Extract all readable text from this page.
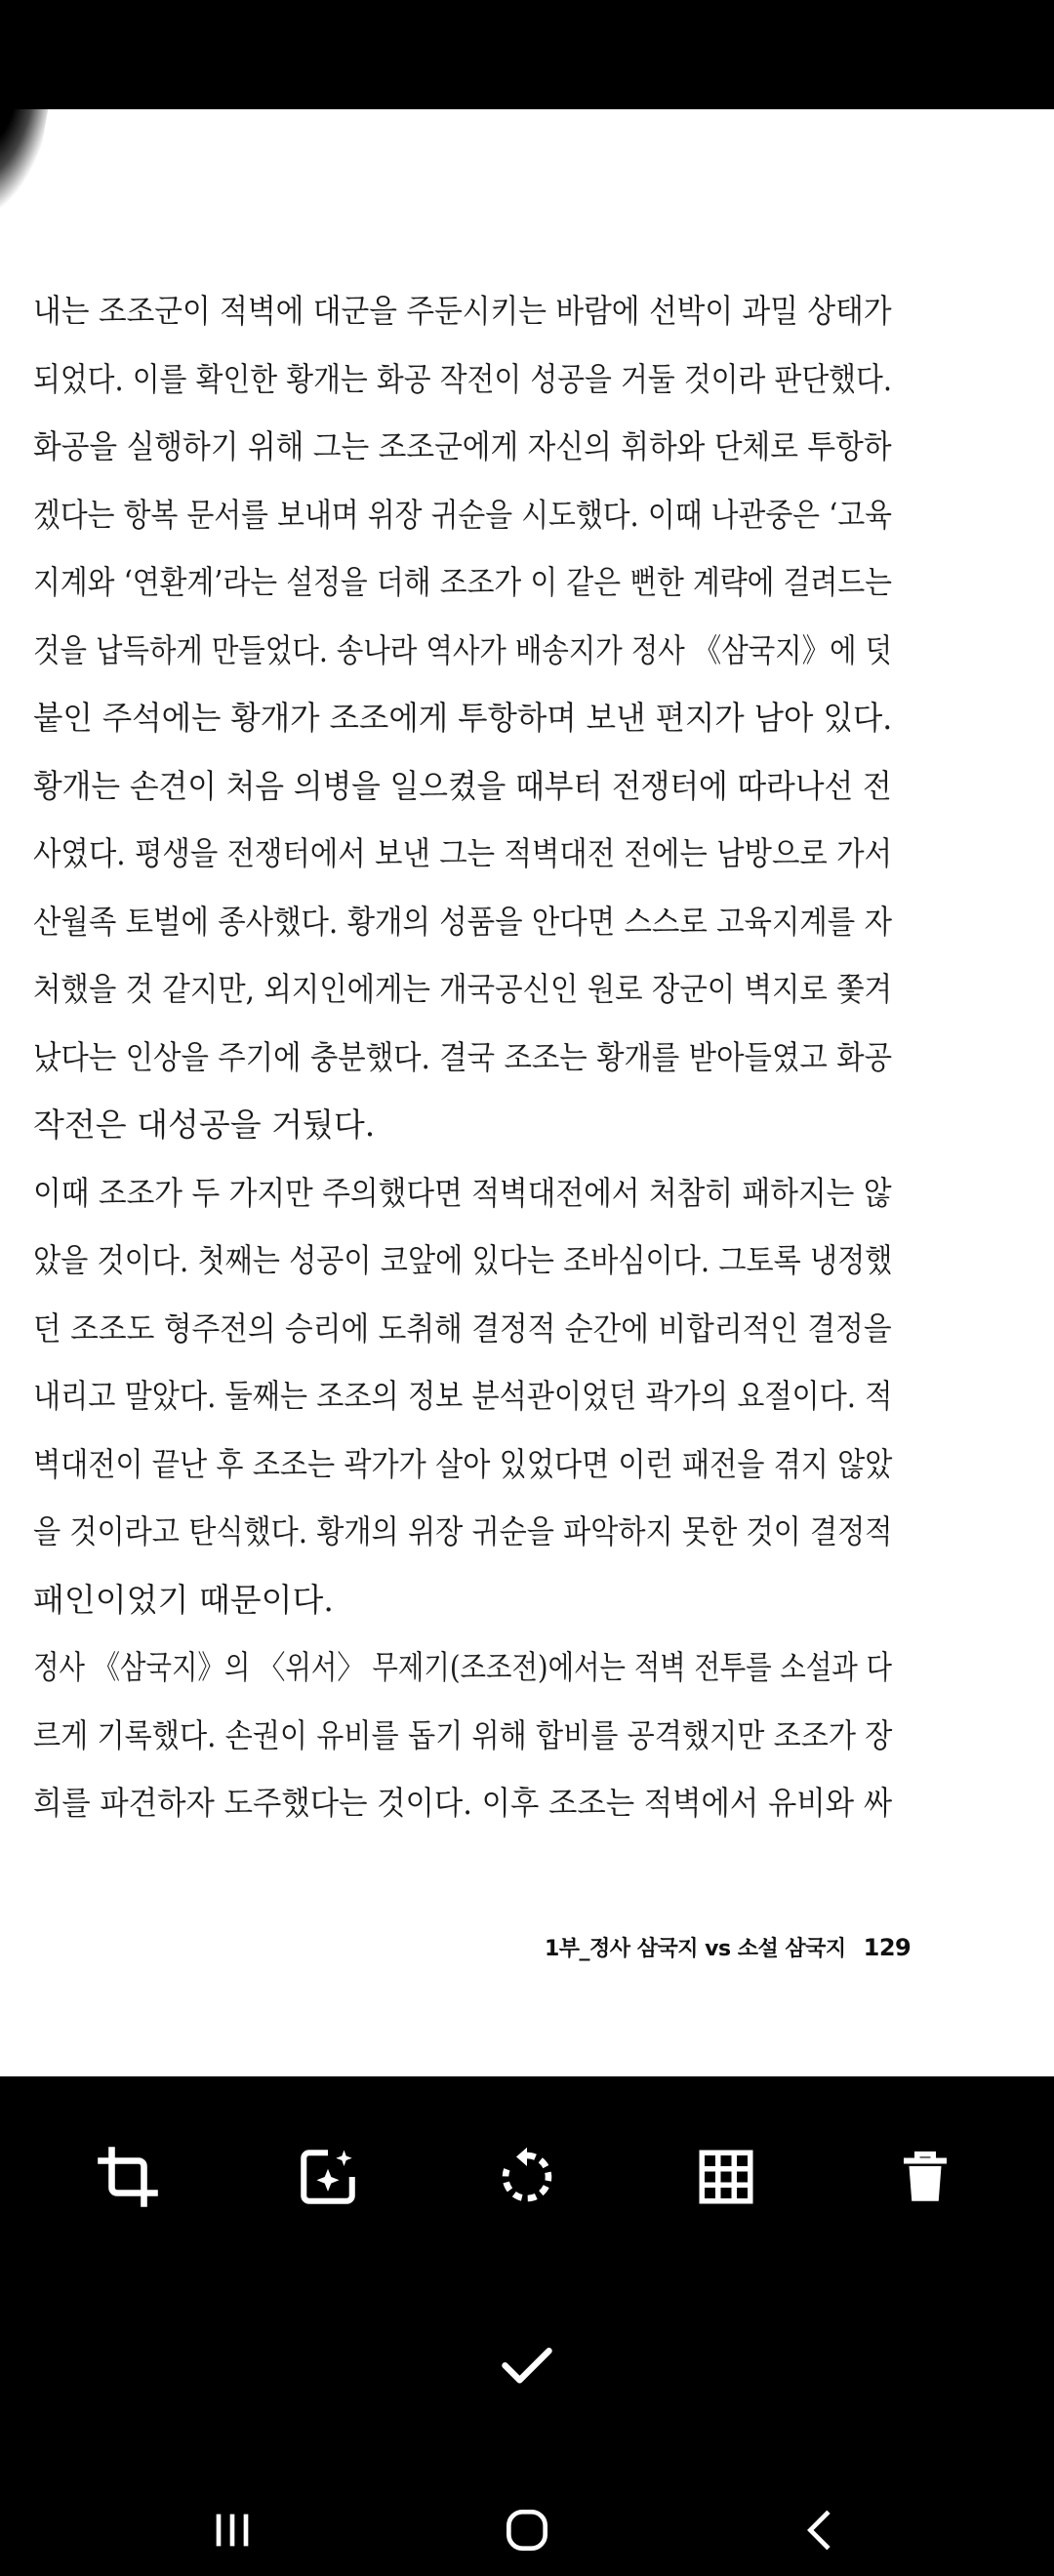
내는 조조군이 적벽에 대군을 주둔시키는 바람에 선박이 과밀 상태가
되었다. 이를 확인한 황개는 화공 작전이 성공을 거둘 것이라 판단했다.
화공을 실행하기 위해 그는 조조군에게 자신의 휘하와 단체로 투항하
겠다는 항복 문서를 보내며 위장 귀순을 시도했다. 이때 나관중은 ‘고육
지계와 ‘연환계’라는 설정을 더해 조조가 이 같은 뻔한 계략에 걸려드는
것을 납득하게 만들었다. 송나라 역사가 배송지가 정사 《삼국지》에 덧
붙인 주석에는 황개가 조조에게 투항하며 보낸 편지가 남아 있다.
황개는 손견이 처음 의병을 일으켰을 때부터 전쟁터에 따라나선 전
사였다. 평생을 전쟁터에서 보낸 그는 적벽대전 전에는 남방으로 가서
산월족 토벌에 종사했다. 황개의 성품을 안다면 스스로 고육지계를 자
처했을 것 같지만, 외지인에게는 개국공신인 원로 장군이 벽지로 쫓겨
났다는 인상을 주기에 충분했다. 결국 조조는 황개를 받아들였고 화공
작전은 대성공을 거뒀다.
이때 조조가 두 가지만 주의했다면 적벽대전에서 처참히 패하지는 않
았을 것이다. 첫째는 성공이 코앞에 있다는 조바심이다. 그토록 냉정했
던 조조도 형주전의 승리에 도취해 결정적 순간에 비합리적인 결정을
내리고 말았다. 둘째는 조조의 정보 분석관이었던 곽가의 요절이다. 적
벽대전이 끝난 후 조조는 곽가가 살아 있었다면 이런 패전을 겪지 않았
을 것이라고 탄식했다. 황개의 위장 귀순을 파악하지 못한 것이 결정적
패인이었기 때문이다.
정사 《삼국지》의 〈위서〉 무제기(조조전)에서는 적벽 전투를 소설과 다
르게 기록했다. 손권이 유비를 돕기 위해 합비를 공격했지만 조조가 장
희를 파견하자 도주했다는 것이다. 이후 조조는 적벽에서 유비와 싸
1부_정사 삼국지 vs 소설 삼국지 129
